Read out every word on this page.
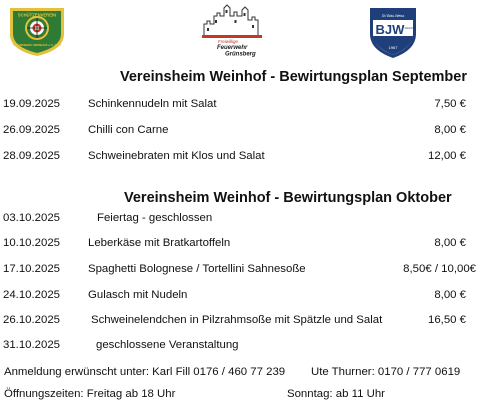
SCHÜTZENVEREIN
GRÜNSBERG WEINHOF e.V. 1926
Freiwillige
Feuerwehr
Grünsberg
SV Blau-Weiss
BJW Weinhof
1967
Vereinsheim Weinhof - Bewirtungsplan September
19.09.2025 Schinkennudeln mit Salat	7,50 €
26.09.2025 Chilli con Carne	8,00 €
28.09.2025 Schweinebraten mit Klos und Salat	12,00 €
Vereinsheim Weinhof - Bewirtungsplan Oktober
03.10.2025	Feiertag - geschlossen
10.10.2025 Leberkäse mit Bratkartoffeln	8,00 €
17.10.2025 Spaghetti Bolognese / Tortellini Sahnesoße	8,50€ / 10,00€
24.10.2025 Gulasch mit Nudeln	8,00 €
26.10.2025	Schweinelendchen in Pilzrahmsoße mit Spätzle und Salat	16,50 €
31.10.2025	geschlossene Veranstaltung
Anmeldung erwünscht unter: Karl Fill 0176 / 460 77 239 Ute Thurner: 0170 / 777 0619
Öffnungszeiten: Freitag ab 18 Uhr	Sonntag: ab 11 Uhr
